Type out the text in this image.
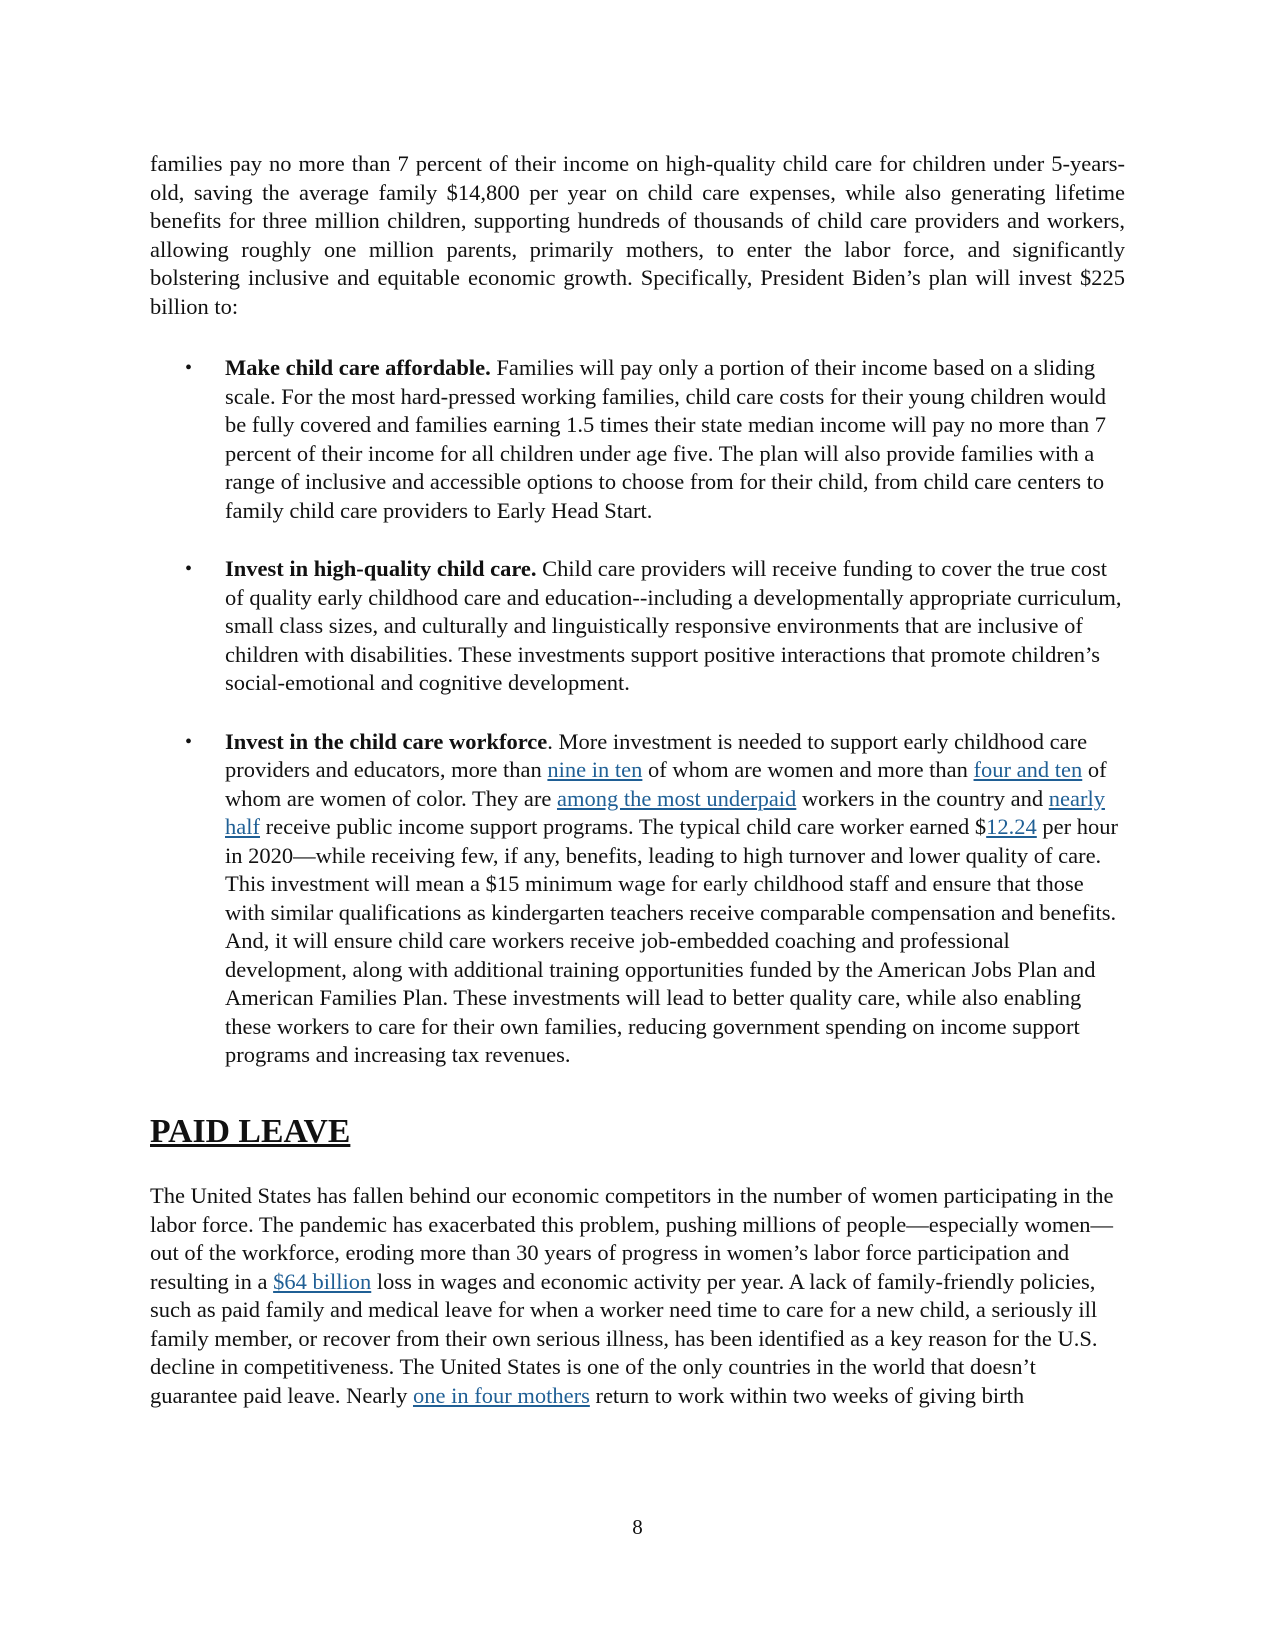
families pay no more than 7 percent of their income on high-quality child care for children under 5-years-old, saving the average family $14,800 per year on child care expenses, while also generating lifetime benefits for three million children, supporting hundreds of thousands of child care providers and workers, allowing roughly one million parents, primarily mothers, to enter the labor force, and significantly bolstering inclusive and equitable economic growth. Specifically, President Biden’s plan will invest $225 billion to:

• Make child care affordable. Families will pay only a portion of their income based on a sliding scale. For the most hard-pressed working families, child care costs for their young children would be fully covered and families earning 1.5 times their state median income will pay no more than 7 percent of their income for all children under age five. The plan will also provide families with a range of inclusive and accessible options to choose from for their child, from child care centers to family child care providers to Early Head Start.
• Invest in high-quality child care. Child care providers will receive funding to cover the true cost of quality early childhood care and education--including a developmentally appropriate curriculum, small class sizes, and culturally and linguistically responsive environments that are inclusive of children with disabilities. These investments support positive interactions that promote children’s social-emotional and cognitive development.
• Invest in the child care workforce. More investment is needed to support early childhood care providers and educators, more than nine in ten of whom are women and more than four and ten of whom are women of color. They are among the most underpaid workers in the country and nearly half receive public income support programs. The typical child care worker earned $12.24 per hour in 2020—while receiving few, if any, benefits, leading to high turnover and lower quality of care. This investment will mean a $15 minimum wage for early childhood staff and ensure that those with similar qualifications as kindergarten teachers receive comparable compensation and benefits. And, it will ensure child care workers receive job-embedded coaching and professional development, along with additional training opportunities funded by the American Jobs Plan and American Families Plan. These investments will lead to better quality care, while also enabling these workers to care for their own families, reducing government spending on income support programs and increasing tax revenues.
PAID LEAVE

The United States has fallen behind our economic competitors in the number of women participating in the labor force. The pandemic has exacerbated this problem, pushing millions of people—especially women—out of the workforce, eroding more than 30 years of progress in women’s labor force participation and resulting in a $64 billion loss in wages and economic activity per year. A lack of family-friendly policies, such as paid family and medical leave for when a worker need time to care for a new child, a seriously ill family member, or recover from their own serious illness, has been identified as a key reason for the U.S. decline in competitiveness. The United States is one of the only countries in the world that doesn’t guarantee paid leave. Nearly one in four mothers return to work within two weeks of giving birth

8
